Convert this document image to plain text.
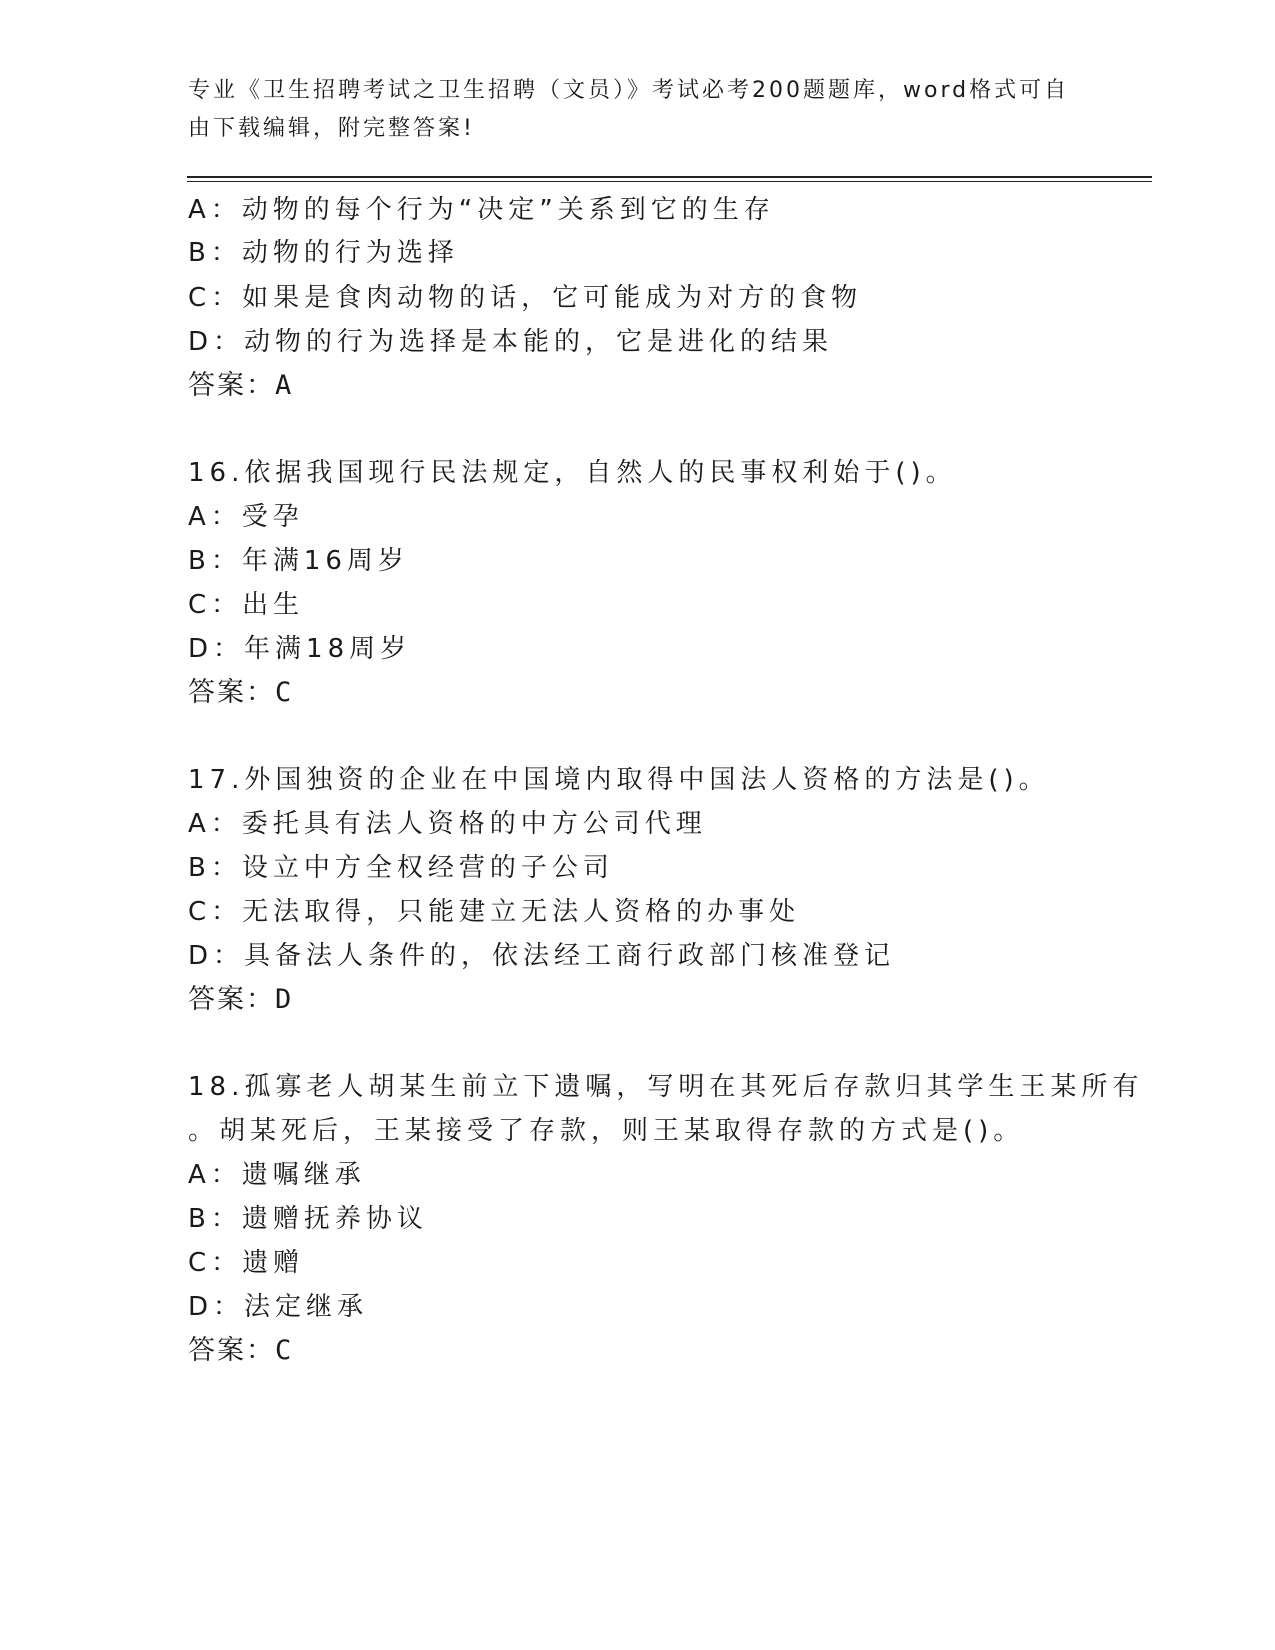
专业《卫生招聘考试之卫生招聘（文员）》考试必考200题题库，word格式可自由下载编辑，附完整答案!
A：动物的每个行为“决定”关系到它的生存
B：动物的行为选择
C：如果是食肉动物的话，它可能成为对方的食物
D：动物的行为选择是本能的，它是进化的结果
答案：A
16.依据我国现行民法规定，自然人的民事权利始于()。
A：受孕
B：年满16周岁
C：出生
D：年满18周岁
答案：C
17.外国独资的企业在中国境内取得中国法人资格的方法是()。
A：委托具有法人资格的中方公司代理
B：设立中方全权经营的子公司
C：无法取得，只能建立无法人资格的办事处
D：具备法人条件的，依法经工商行政部门核准登记
答案：D
18.孤寡老人胡某生前立下遗嘱，写明在其死后存款归其学生王某所有
。胡某死后，王某接受了存款，则王某取得存款的方式是()。
A：遗嘱继承
B：遗赠抚养协议
C：遗赠
D：法定继承
答案：C
